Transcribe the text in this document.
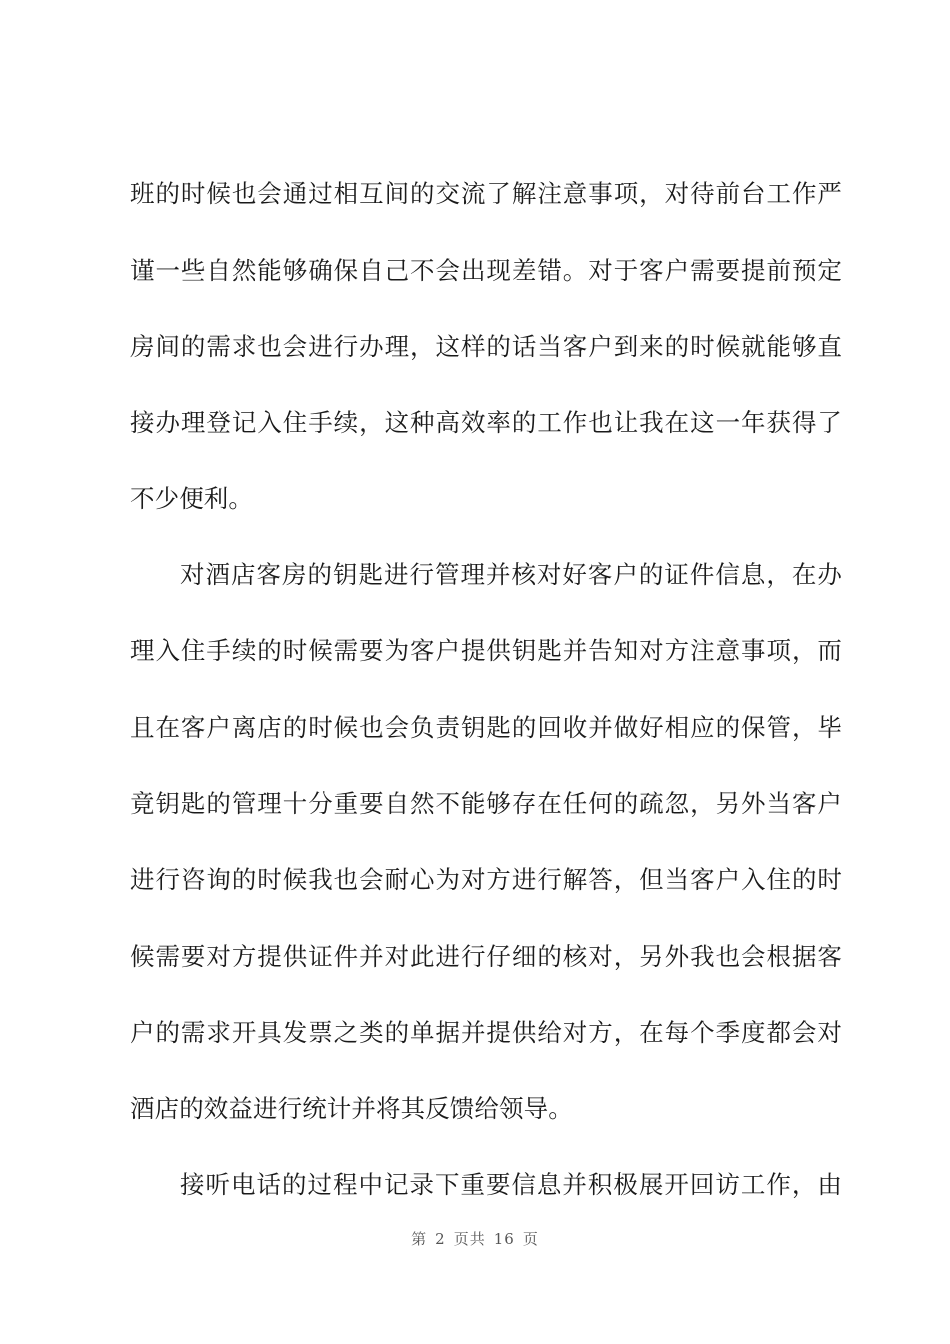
班的时候也会通过相互间的交流了解注意事项，对待前台工作严
谨一些自然能够确保自己不会出现差错。对于客户需要提前预定
房间的需求也会进行办理，这样的话当客户到来的时候就能够直
接办理登记入住手续，这种高效率的工作也让我在这一年获得了
不少便利。
对酒店客房的钥匙进行管理并核对好客户的证件信息，在办
理入住手续的时候需要为客户提供钥匙并告知对方注意事项，而
且在客户离店的时候也会负责钥匙的回收并做好相应的保管，毕
竟钥匙的管理十分重要自然不能够存在任何的疏忽，另外当客户
进行咨询的时候我也会耐心为对方进行解答，但当客户入住的时
候需要对方提供证件并对此进行仔细的核对，另外我也会根据客
户的需求开具发票之类的单据并提供给对方，在每个季度都会对
酒店的效益进行统计并将其反馈给领导。
接听电话的过程中记录下重要信息并积极展开回访工作，由
第 2 页共 16 页
